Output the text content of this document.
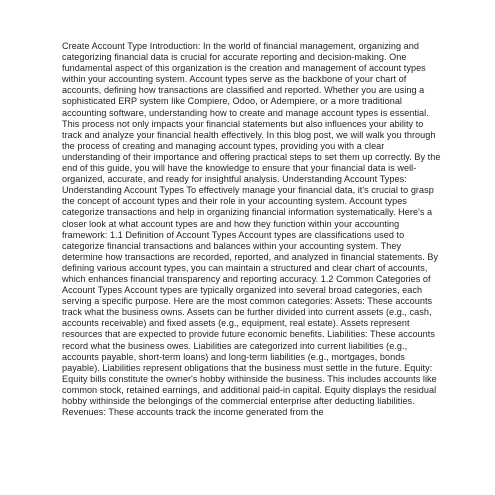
Create Account Type Introduction: In the world of financial management, organizing and categorizing financial data is crucial for accurate reporting and decision-making. One fundamental aspect of this organization is the creation and management of account types within your accounting system. Account types serve as the backbone of your chart of accounts, defining how transactions are classified and reported. Whether you are using a sophisticated ERP system like Compiere, Odoo, or Adempiere, or a more traditional accounting software, understanding how to create and manage account types is essential. This process not only impacts your financial statements but also influences your ability to track and analyze your financial health effectively. In this blog post, we will walk you through the process of creating and managing account types, providing you with a clear understanding of their importance and offering practical steps to set them up correctly. By the end of this guide, you will have the knowledge to ensure that your financial data is well-organized, accurate, and ready for insightful analysis. Understanding Account Types: Understanding Account Types To effectively manage your financial data, it's crucial to grasp the concept of account types and their role in your accounting system. Account types categorize transactions and help in organizing financial information systematically. Here's a closer look at what account types are and how they function within your accounting framework: 1.1 Definition of Account Types Account types are classifications used to categorize financial transactions and balances within your accounting system. They determine how transactions are recorded, reported, and analyzed in financial statements. By defining various account types, you can maintain a structured and clear chart of accounts, which enhances financial transparency and reporting accuracy. 1.2 Common Categories of Account Types Account types are typically organized into several broad categories, each serving a specific purpose. Here are the most common categories: Assets: These accounts track what the business owns. Assets can be further divided into current assets (e.g., cash, accounts receivable) and fixed assets (e.g., equipment, real estate). Assets represent resources that are expected to provide future economic benefits. Liabilities: These accounts record what the business owes. Liabilities are categorized into current liabilities (e.g., accounts payable, short-term loans) and long-term liabilities (e.g., mortgages, bonds payable). Liabilities represent obligations that the business must settle in the future. Equity: Equity bills constitute the owner's hobby withinside the business. This includes accounts like common stock, retained earnings, and additional paid-in capital. Equity displays the residual hobby withinside the belongings of the commercial enterprise after deducting liabilities. Revenues: These accounts track the income generated from the
